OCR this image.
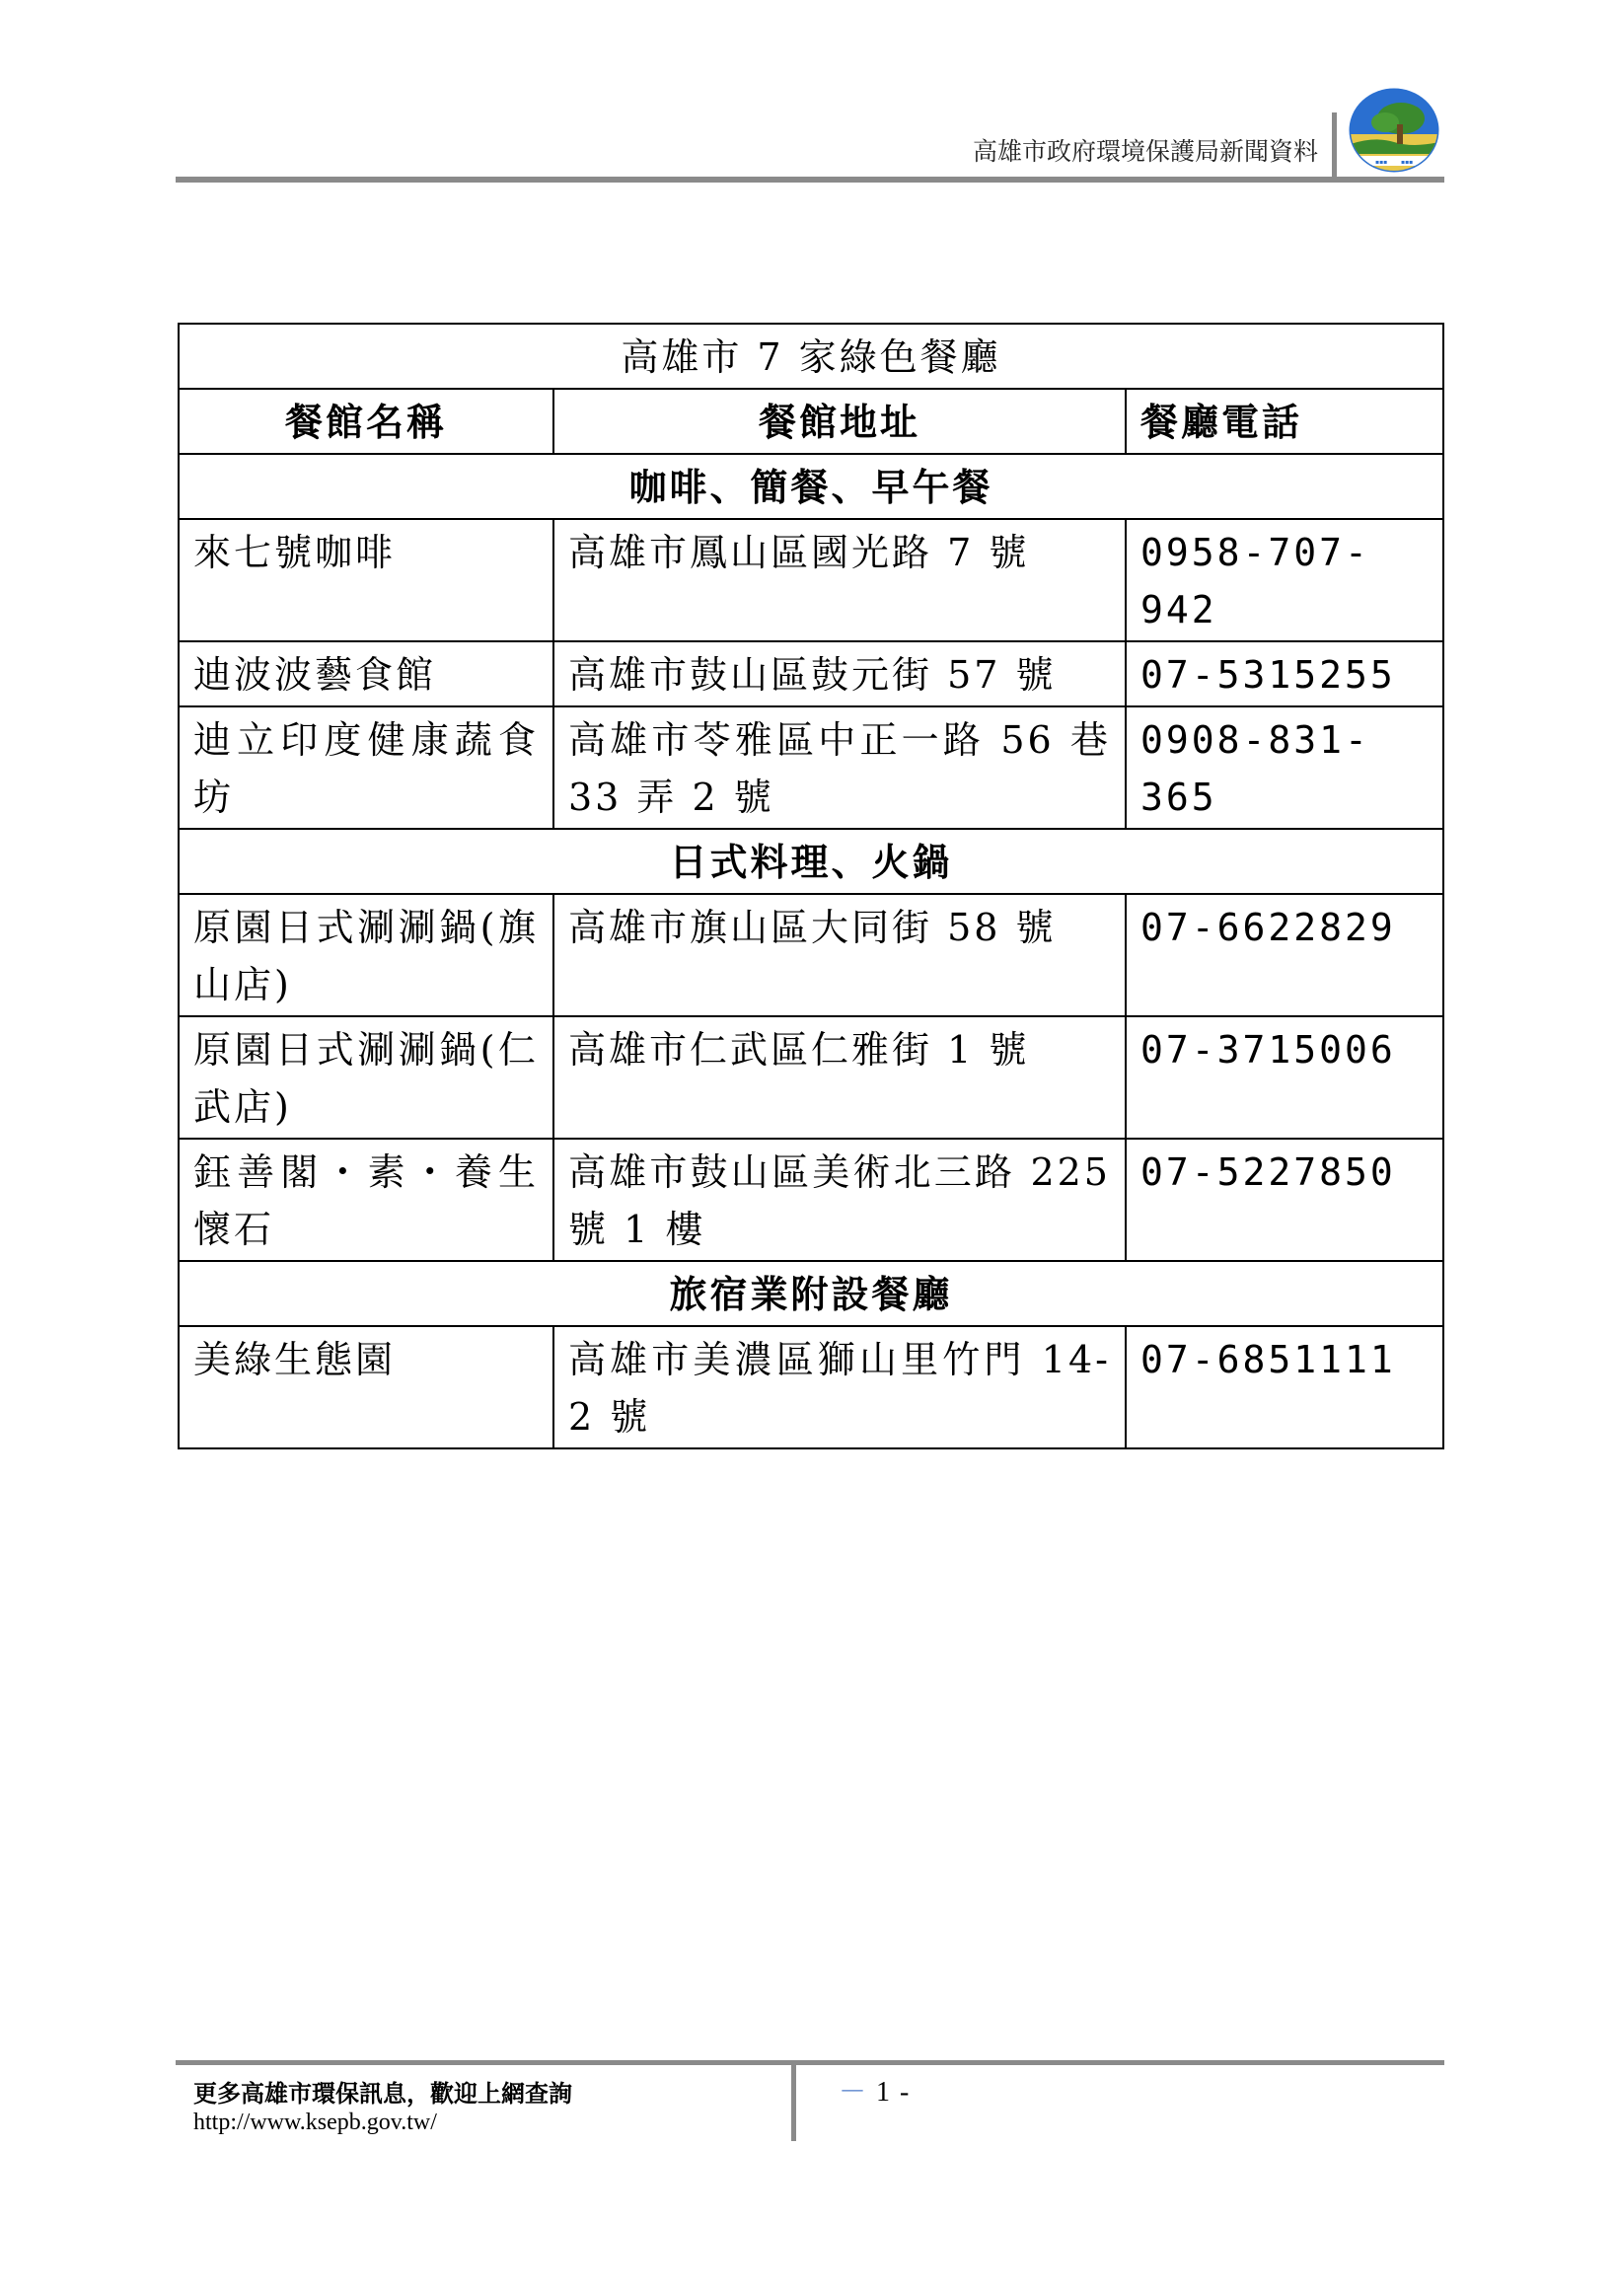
高雄市政府環境保護局新聞資料	▪▪▪ ▪▪▪
高雄市 7 家綠色餐廳		
餐館名稱	餐館地址	餐廳電話
咖啡、簡餐、早午餐		
來七號咖啡	高雄市鳳山區國光路 7 號	0958-707-942
迪波波藝食館	高雄市鼓山區鼓元街 57 號	07-5315255
迪立印度健康蔬食坊	高雄市苓雅區中正一路 56 巷 33 弄 2 號	0908-831-365
日式料理、火鍋		
原園日式涮涮鍋(旗山店)	高雄市旗山區大同街 58 號	07-6622829
原園日式涮涮鍋(仁武店)	高雄市仁武區仁雅街 1 號	07-3715006
鈺善閣・素・養生懷石	高雄市鼓山區美術北三路 225 號 1 樓	07-5227850
旅宿業附設餐廳		
美綠生態園	高雄市美濃區獅山里竹門 14-2 號	07-6851111
更多高雄市環保訊息，歡迎上網查詢
http://www.ksepb.gov.tw/
－1-
